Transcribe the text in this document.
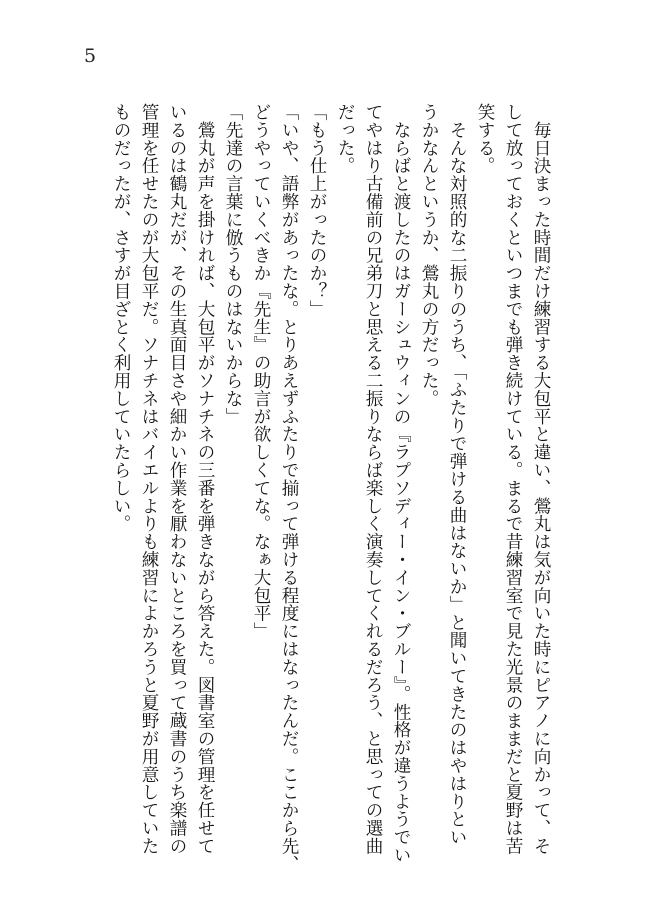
5
　毎日決まった時間だけ練習する大包平と違い、鶯丸は気が向いた時にピアノに向かって、そ
して放っておくといつまでも弾き続けている。まるで昔練習室で見た光景のままだと夏野は苦
笑する。
　そんな対照的な二振りのうち、「ふたりで弾ける曲はないか」と聞いてきたのはやはりとい
うかなんというか、鶯丸の方だった。
　ならばと渡したのはガーシュウィンの『ラプソディー・イン・ブルー』。性格が違うようでい
てやはり古備前の兄弟刀と思える二振りならば楽しく演奏してくれるだろう、と思っての選曲
だった。
「もう仕上がったのか？」
「いや、語弊があったな。とりあえずふたりで揃って弾ける程度にはなったんだ。ここから先、
どうやっていくべきか『先生』の助言が欲しくてな。なぁ大包平」
「先達の言葉に倣うものはないからな」
　鶯丸が声を掛ければ、大包平がソナチネの三番を弾きながら答えた。図書室の管理を任せて
いるのは鶴丸だが、その生真面目さや細かい作業を厭わないところを買って蔵書のうち楽譜の
管理を任せたのが大包平だ。ソナチネはバイエルよりも練習によかろうと夏野が用意していた
ものだったが、さすが目ざとく利用していたらしい。
